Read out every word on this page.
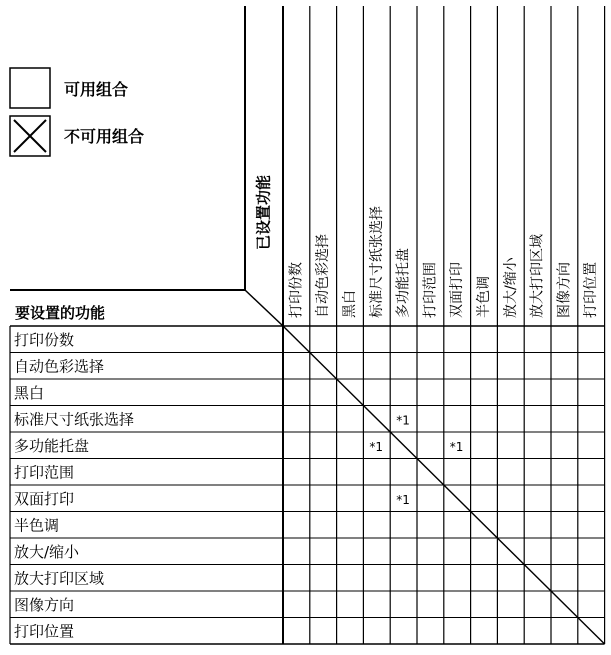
可用组合
不可用组合
要设置的功能
已设置功能
打印份数 自动色彩选择 黑白 标准尺寸纸张选择 多功能托盘 打印范围 双面打印 半色调 放大/缩小 放大打印区域 图像方向 打印位置
打印份数
自动色彩选择
黑白
标准尺寸纸张选择
多功能托盘
打印范围
双面打印
半色调
放大/缩小
放大打印区域
图像方向
打印位置
*1
*1	*1
*1
